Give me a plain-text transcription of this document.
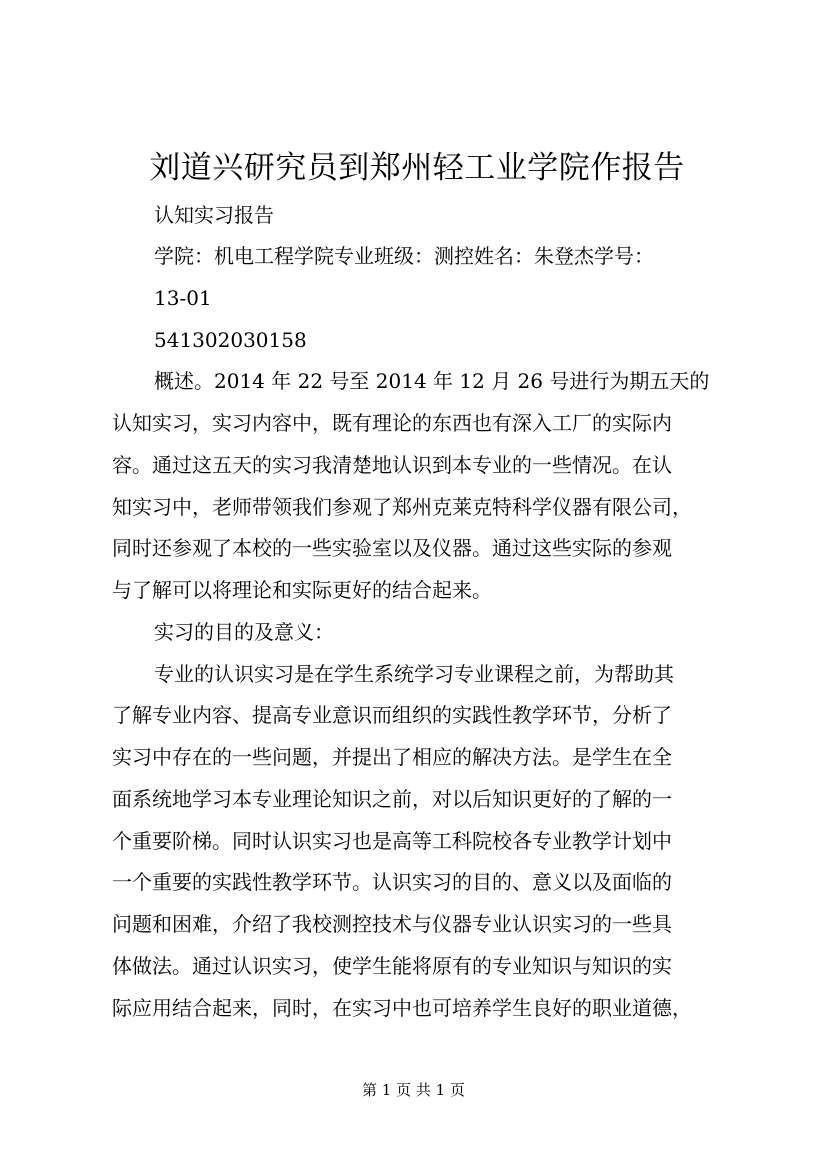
刘道兴研究员到郑州轻工业学院作报告
认知实习报告
学院：机电工程学院专业班级：测控姓名：朱登杰学号：
13-01
541302030158
概述。2014 年 22 号至 2014 年 12 月 26 号进行为期五天的
认知实习，实习内容中，既有理论的东西也有深入工厂的实际内
容。通过这五天的实习我清楚地认识到本专业的一些情况。在认
知实习中，老师带领我们参观了郑州克莱克特科学仪器有限公司，
同时还参观了本校的一些实验室以及仪器。通过这些实际的参观
与了解可以将理论和实际更好的结合起来。
实习的目的及意义：
专业的认识实习是在学生系统学习专业课程之前，为帮助其
了解专业内容、提高专业意识而组织的实践性教学环节，分析了
实习中存在的一些问题，并提出了相应的解决方法。是学生在全
面系统地学习本专业理论知识之前，对以后知识更好的了解的一
个重要阶梯。同时认识实习也是高等工科院校各专业教学计划中
一个重要的实践性教学环节。认识实习的目的、意义以及面临的
问题和困难，介绍了我校测控技术与仪器专业认识实习的一些具
体做法。通过认识实习，使学生能将原有的专业知识与知识的实
际应用结合起来，同时，在实习中也可培养学生良好的职业道德，
第 1 页 共 1 页
